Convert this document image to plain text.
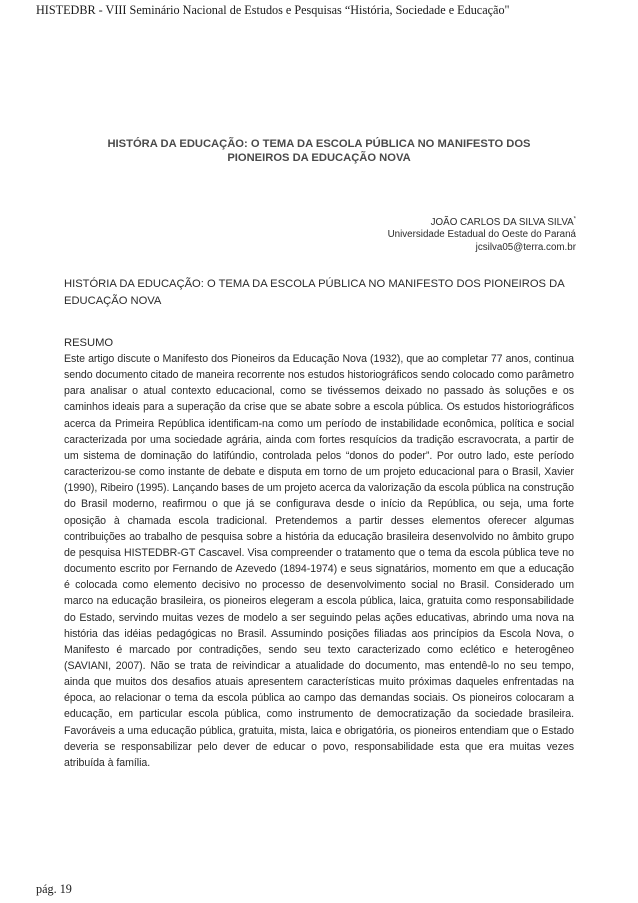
HISTEDBR - VIII Seminário Nacional de Estudos e Pesquisas “História, Sociedade e Educação"
HISTÓRA DA EDUCAÇÃO: O TEMA DA ESCOLA PÚBLICA NO MANIFESTO DOS
PIONEIROS DA EDUCAÇÃO NOVA
JOÃO CARLOS DA SILVA SILVA*
Universidade Estadual do Oeste do Paraná
jcsilva05@terra.com.br
HISTÓRIA DA EDUCAÇÃO: O TEMA DA ESCOLA PÚBLICA NO MANIFESTO DOS PIONEIROS DA EDUCAÇÃO NOVA
RESUMO

Este artigo discute o Manifesto dos Pioneiros da Educação Nova (1932), que ao completar 77 anos, continua sendo documento citado de maneira recorrente nos estudos historiográficos sendo colocado como parâmetro para analisar o atual contexto educacional, como se tivéssemos deixado no passado às soluções e os caminhos ideais para a superação da crise que se abate sobre a escola pública. Os estudos historiográficos acerca da Primeira República identificam-na como um período de instabilidade econômica, política e social caracterizada por uma sociedade agrária, ainda com fortes resquícios da tradição escravocrata, a partir de um sistema de dominação do latifúndio, controlada pelos “donos do poder”. Por outro lado, este período caracterizou-se como instante de debate e disputa em torno de um projeto educacional para o Brasil, Xavier (1990), Ribeiro (1995). Lançando bases de um projeto acerca da valorização da escola pública na construção do Brasil moderno, reafirmou o que já se configurava desde o início da República, ou seja, uma forte oposição à chamada escola tradicional. Pretendemos a partir desses elementos oferecer algumas contribuições ao trabalho de pesquisa sobre a história da educação brasileira desenvolvido no âmbito grupo de pesquisa HISTEDBR-GT Cascavel. Visa compreender o tratamento que o tema da escola pública teve no documento escrito por Fernando de Azevedo (1894-1974) e seus signatários, momento em que a educação é colocada como elemento decisivo no processo de desenvolvimento social no Brasil. Considerado um marco na educação brasileira, os pioneiros elegeram a escola pública, laica, gratuita como responsabilidade do Estado, servindo muitas vezes de modelo a ser seguindo pelas ações educativas, abrindo uma nova na história das idéias pedagógicas no Brasil. Assumindo posições filiadas aos princípios da Escola Nova, o Manifesto é marcado por contradições, sendo seu texto caracterizado como eclético e heterogêneo (SAVIANI, 2007). Não se trata de reivindicar a atualidade do documento, mas entendê-lo no seu tempo, ainda que muitos dos desafios atuais apresentem características muito próximas daqueles enfrentadas na época, ao relacionar o tema da escola pública ao campo das demandas sociais. Os pioneiros colocaram a educação, em particular escola pública, como instrumento de democratização da sociedade brasileira. Favoráveis a uma educação pública, gratuita, mista, laica e obrigatória, os pioneiros entendiam que o Estado deveria se responsabilizar pelo dever de educar o povo, responsabilidade esta que era muitas vezes atribuída à família.

pág. 19
